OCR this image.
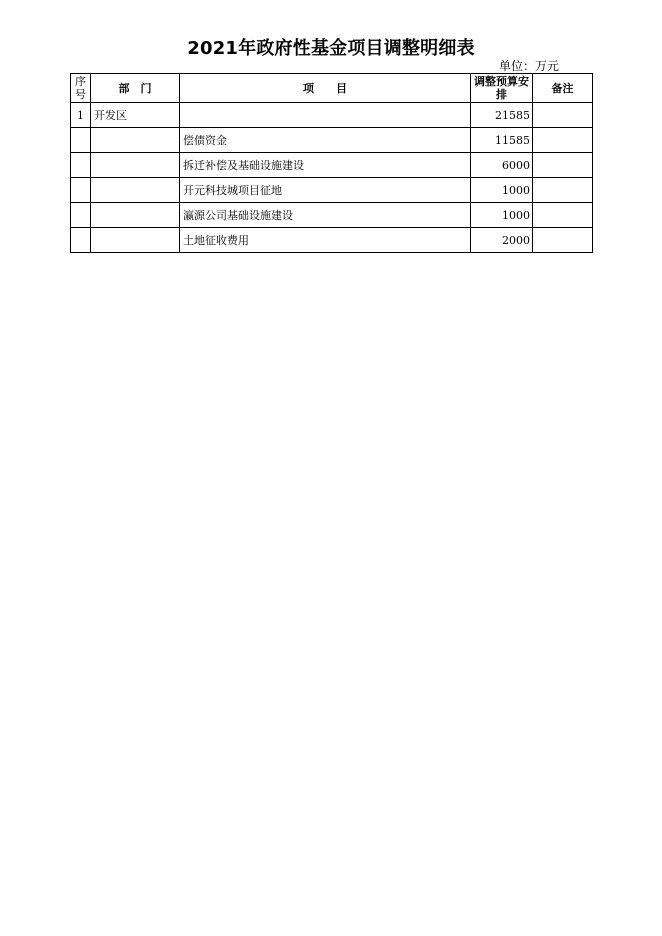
2021年政府性基金项目调整明细表
单位：万元
序号	部　门	项　　目	调整预算安排	备注
1	开发区		21585	
		偿债资金	11585	
		拆迁补偿及基础设施建设	6000	
		开元科技城项目征地	1000	
		瀛源公司基础设施建设	1000	
		土地征收费用	2000	
